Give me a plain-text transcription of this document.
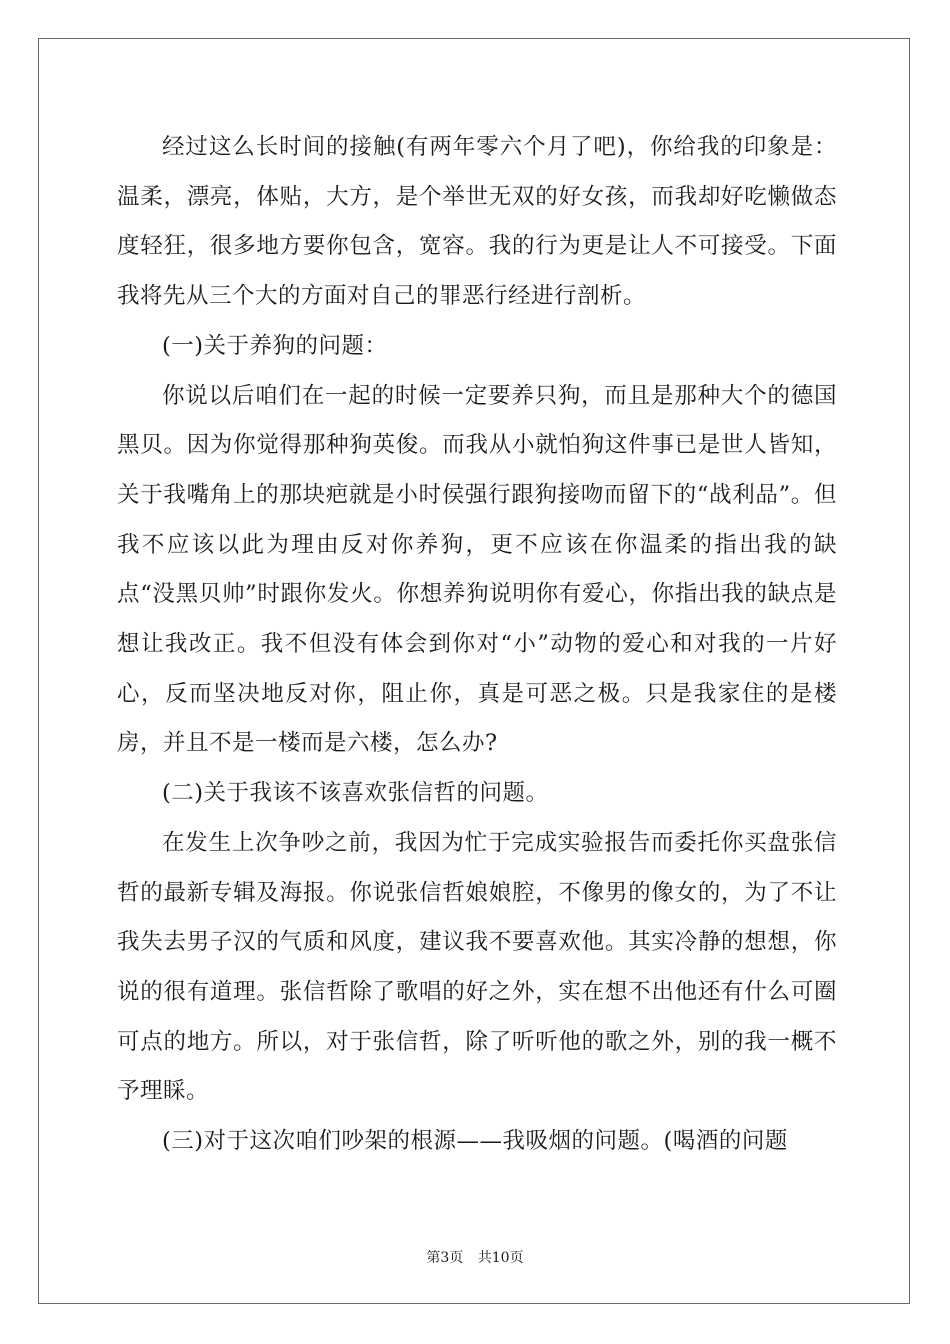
经过这么长时间的接触(有两年零六个月了吧)，你给我的印象是：温柔，漂亮，体贴，大方，是个举世无双的好女孩，而我却好吃懒做态度轻狂，很多地方要你包含，宽容。我的行为更是让人不可接受。下面我将先从三个大的方面对自己的罪恶行经进行剖析。

(一)关于养狗的问题：

你说以后咱们在一起的时候一定要养只狗，而且是那种大个的德国黑贝。因为你觉得那种狗英俊。而我从小就怕狗这件事已是世人皆知，关于我嘴角上的那块疤就是小时侯强行跟狗接吻而留下的“战利品”。但我不应该以此为理由反对你养狗，更不应该在你温柔的指出我的缺点“没黑贝帅”时跟你发火。你想养狗说明你有爱心，你指出我的缺点是想让我改正。我不但没有体会到你对“小”动物的爱心和对我的一片好心，反而坚决地反对你，阻止你，真是可恶之极。只是我家住的是楼房，并且不是一楼而是六楼，怎么办?

(二)关于我该不该喜欢张信哲的问题。

在发生上次争吵之前，我因为忙于完成实验报告而委托你买盘张信哲的最新专辑及海报。你说张信哲娘娘腔，不像男的像女的，为了不让我失去男子汉的气质和风度，建议我不要喜欢他。其实冷静的想想，你说的很有道理。张信哲除了歌唱的好之外，实在想不出他还有什么可圈可点的地方。所以，对于张信哲，除了听听他的歌之外，别的我一概不予理睬。

(三)对于这次咱们吵架的根源——我吸烟的问题。(喝酒的问题

第3页 共10页
